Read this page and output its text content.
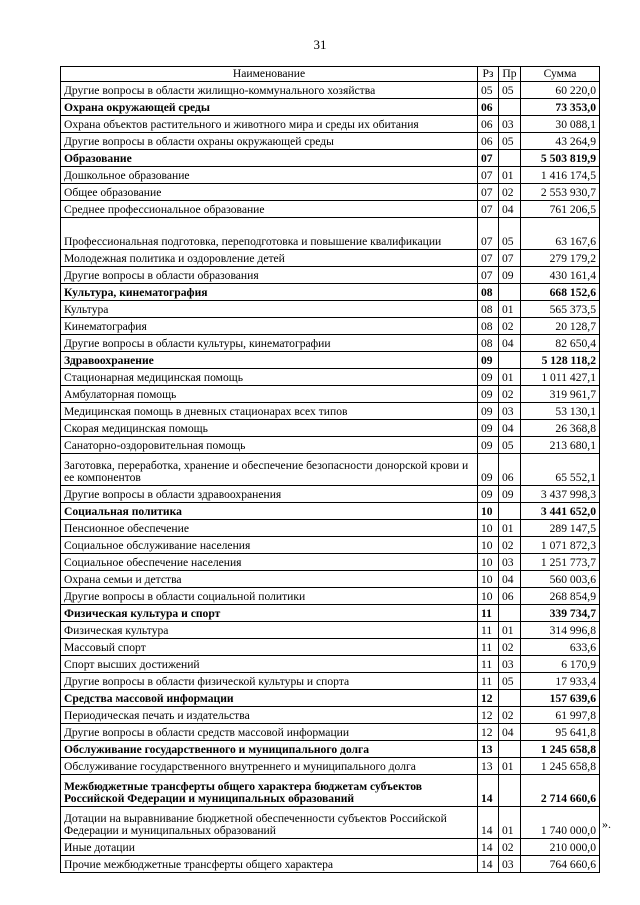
31
Наименование	Рз	Пр	Сумма
Другие вопросы в области жилищно-коммунального хозяйства	05	05	60 220,0
Охрана окружающей среды	06		73 353,0
Охрана объектов растительного и животного мира и среды их обитания	06	03	30 088,1
Другие вопросы в области охраны окружающей среды	06	05	43 264,9
Образование	07		5 503 819,9
Дошкольное образование	07	01	1 416 174,5
Общее образование	07	02	2 553 930,7
Среднее профессиональное образование	07	04	761 206,5
Профессиональная подготовка, переподготовка и повышение квалификации	07	05	63 167,6
Молодежная политика и оздоровление детей	07	07	279 179,2
Другие вопросы в области образования	07	09	430 161,4
Культура, кинематография	08		668 152,6
Культура	08	01	565 373,5
Кинематография	08	02	20 128,7
Другие вопросы в области культуры, кинематографии	08	04	82 650,4
Здравоохранение	09		5 128 118,2
Стационарная медицинская помощь	09	01	1 011 427,1
Амбулаторная помощь	09	02	319 961,7
Медицинская помощь в дневных стационарах всех типов	09	03	53 130,1
Скорая медицинская помощь	09	04	26 368,8
Санаторно-оздоровительная помощь	09	05	213 680,1
Заготовка, переработка, хранение и обеспечение безопасности донорской крови и ее компонентов	09	06	65 552,1
Другие вопросы в области здравоохранения	09	09	3 437 998,3
Социальная политика	10		3 441 652,0
Пенсионное обеспечение	10	01	289 147,5
Социальное обслуживание населения	10	02	1 071 872,3
Социальное обеспечение населения	10	03	1 251 773,7
Охрана семьи и детства	10	04	560 003,6
Другие вопросы в области социальной политики	10	06	268 854,9
Физическая культура и спорт	11		339 734,7
Физическая культура	11	01	314 996,8
Массовый спорт	11	02	633,6
Спорт высших достижений	11	03	6 170,9
Другие вопросы в области физической культуры и спорта	11	05	17 933,4
Средства массовой информации	12		157 639,6
Периодическая печать и издательства	12	02	61 997,8
Другие вопросы в области средств массовой информации	12	04	95 641,8
Обслуживание государственного и муниципального долга	13		1 245 658,8
Обслуживание государственного внутреннего и муниципального долга	13	01	1 245 658,8
Межбюджетные трансферты общего характера бюджетам субъектов Российской Федерации и муниципальных образований	14		2 714 660,6
Дотации на выравнивание бюджетной обеспеченности субъектов Российской Федерации и муниципальных образований	14	01	1 740 000,0
Иные дотации	14	02	210 000,0
Прочие межбюджетные трансферты общего характера	14	03	764 660,6
».
